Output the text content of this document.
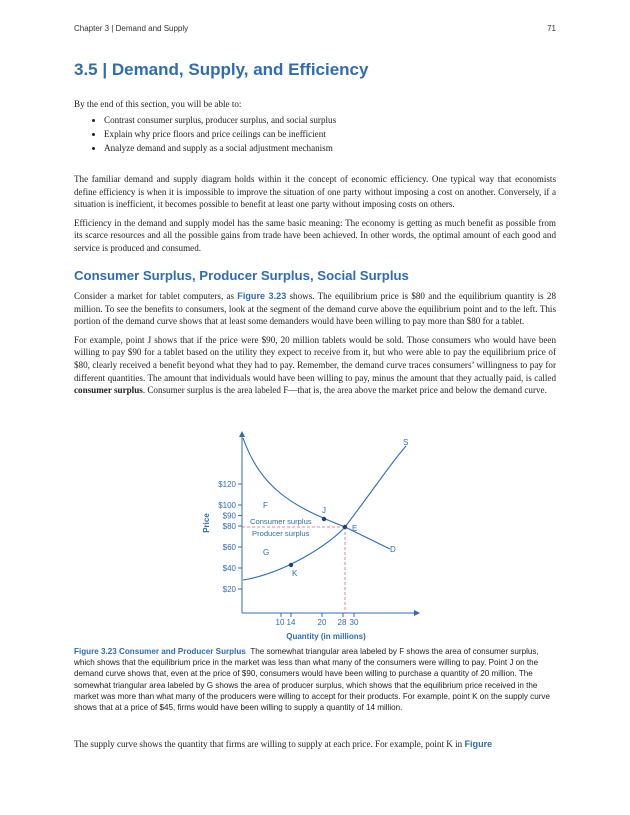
Chapter 3 | Demand and Supply	71
3.5 | Demand, Supply, and Efficiency

By the end of this section, you will be able to:

• Contrast consumer surplus, producer surplus, and social surplus
• Explain why price floors and price ceilings can be inefficient
• Analyze demand and supply as a social adjustment mechanism

The familiar demand and supply diagram holds within it the concept of economic efficiency. One typical way that economists define efficiency is when it is impossible to improve the situation of one party without imposing a cost on another. Conversely, if a situation is inefficient, it becomes possible to benefit at least one party without imposing costs on others.

Efficiency in the demand and supply model has the same basic meaning: The economy is getting as much benefit as possible from its scarce resources and all the possible gains from trade have been achieved. In other words, the optimal amount of each good and service is produced and consumed.

Consumer Surplus, Producer Surplus, Social Surplus

Consider a market for tablet computers, as Figure 3.23 shows. The equilibrium price is $80 and the equilibrium quantity is 28 million. To see the benefits to consumers, look at the segment of the demand curve above the equilibrium point and to the left. This portion of the demand curve shows that at least some demanders would have been willing to pay more than $80 for a tablet.

For example, point J shows that if the price were $90, 20 million tablets would be sold. Those consumers who would have been willing to pay $90 for a tablet based on the utility they expect to receive from it, but who were able to pay the equilibrium price of $80, clearly received a benefit beyond what they had to pay. Remember, the demand curve traces consumers’ willingness to pay for different quantities. The amount that individuals would have been willing to pay, minus the amount that they actually paid, is called consumer surplus. Consumer surplus is the area labeled F—that is, the area above the market price and below the demand curve.

$120
$100
$90
$80
$60
$40
$20
10 14	20 28 30
Quantity (in millions)
Price
S
D
J
E
K
F
G
Consumer surplus
Producer surplus

Figure 3.23 Consumer and Producer Surplus The somewhat triangular area labeled by F shows the area of consumer surplus, which shows that the equilibrium price in the market was less than what many of the consumers were willing to pay. Point J on the demand curve shows that, even at the price of $90, consumers would have been willing to purchase a quantity of 20 million. The somewhat triangular area labeled by G shows the area of producer surplus, which shows that the equilibrium price received in the market was more than what many of the producers were willing to accept for their products. For example, point K on the supply curve shows that at a price of $45, firms would have been willing to supply a quantity of 14 million.

The supply curve shows the quantity that firms are willing to supply at each price. For example, point K in Figure
